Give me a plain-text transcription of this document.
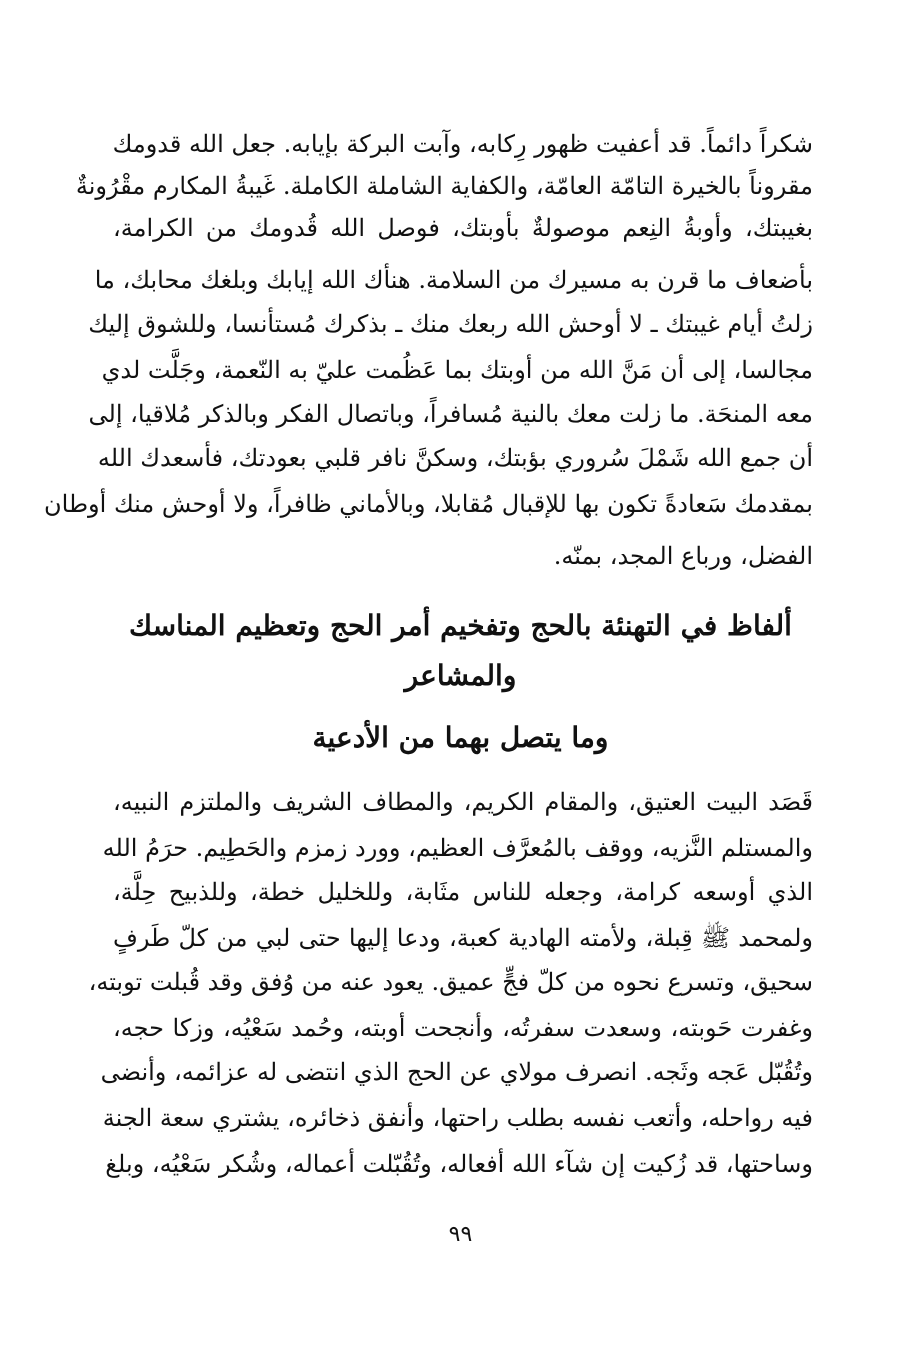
شكراً دائماً. قد أعفيت ظهور رِكابه، وآبت البركة بإيابه. جعل الله قدومك
مقروناً بالخيرة التامّة العامّة، والكفاية الشاملة الكاملة. غَيبةُ المكارم مقْرُونةٌ
بغيبتك، وأوبةُ النِعم موصولةٌ بأوبتك، فوصل الله قُدومك من الكرامة،
بأضعاف ما قرن به مسيرك من السلامة. هنأك الله إيابك وبلغك محابك، ما
زلتُ أيام غيبتك ـ لا أوحش الله ربعك منك ـ بذكرك مُستأنسا، وللشوق إليك
مجالسا، إلى أن مَنَّ الله من أوبتك بما عَظُمت عليّ به النّعمة، وجَلَّت لدي
معه المنحَة. ما زلت معك بالنية مُسافراً، وباتصال الفكر وبالذكر مُلاقيا، إلى
أن جمع الله شَمْلَ سُروري بؤبتك، وسكنَّ نافر قلبي بعودتك، فأسعدك الله
بمقدمك سَعادةً تكون بها للإقبال مُقابلا، وبالأماني ظافراً، ولا أوحش منك أوطان
الفضل، ورباع المجد، بمنّه.
ألفاظ في التهنئة بالحج وتفخيم أمر الحج وتعظيم المناسك
والمشاعر
وما يتصل بهما من الأدعية
قَصَد البيت العتيق، والمقام الكريم، والمطاف الشريف والملتزم النبيه،
والمستلم النَّزيه، ووقف بالمُعرَّف العظيم، وورد زمزم والحَطِيم. حرَمُ الله
الذي أوسعه كرامة، وجعله للناس مثَابة، وللخليل خطة، وللذبيح حِلَّة،
ولمحمد ﷺ قِبلة، ولأمته الهادية كعبة، ودعا إليها حتى لبي من كلّ طَرفٍ
سحيق، وتسرع نحوه من كلّ فجٍّ عميق. يعود عنه من وُفق وقد قُبلت توبته،
وغفرت حَوبته، وسعدت سفرتُه، وأنجحت أوبته، وحُمد سَعْيُه، وزكا حجه،
وتُقُبّل عَجه وثَجه. انصرف مولاي عن الحج الذي انتضى له عزائمه، وأنضى
فيه رواحله، وأتعب نفسه بطلب راحتها، وأنفق ذخائره، يشتري سعة الجنة
وساحتها، قد زُكيت إن شآء الله أفعاله، وتُقُبّلت أعماله، وشُكر سَعْيُه، وبلغ
٩٩
